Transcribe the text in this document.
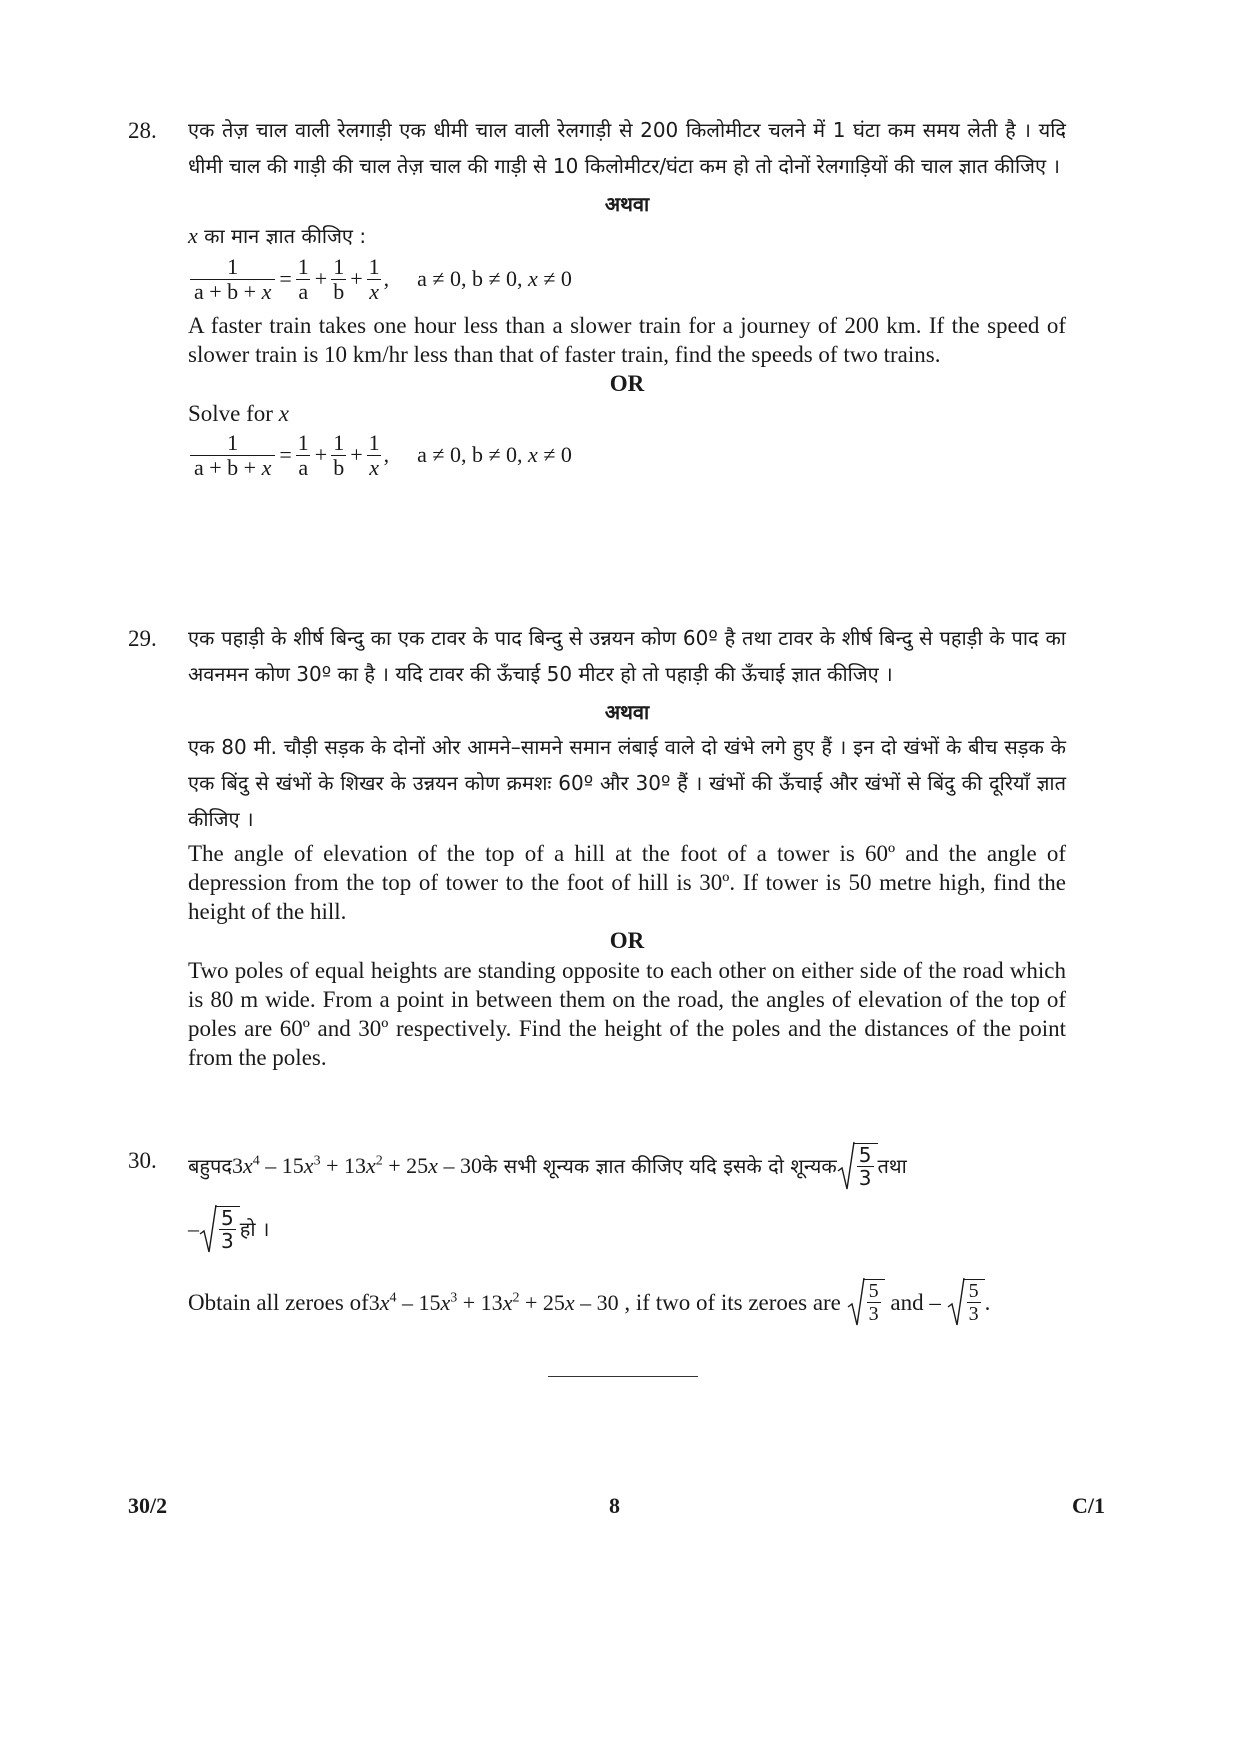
28. एक तेज़ चाल वाली रेलगाड़ी एक धीमी चाल वाली रेलगाड़ी से 200 किलोमीटर चलने में 1 घंटा कम समय लेती है । यदि धीमी चाल की गाड़ी की चाल तेज़ चाल की गाड़ी से 10 किलोमीटर/घंटा कम हो तो दोनों रेलगाड़ियों की चाल ज्ञात कीजिए ।

अथवा

x का मान ज्ञात कीजिए :

$\frac{1}{a + b + x} = \frac{1}{a} + \frac{1}{b} + \frac{1}{x}$ , a ≠ 0, b ≠ 0, x ≠ 0

A faster train takes one hour less than a slower train for a journey of 200 km. If the speed of slower train is 10 km/hr less than that of faster train, find the speeds of two trains.

OR

Solve for x

$\frac{1}{a + b + x} = \frac{1}{a} + \frac{1}{b} + \frac{1}{x}$ , a ≠ 0, b ≠ 0, x ≠ 0
29. एक पहाड़ी के शीर्ष बिन्दु का एक टावर के पाद बिन्दु से उन्नयन कोण 60º है तथा टावर के शीर्ष बिन्दु से पहाड़ी के पाद का अवनमन कोण 30º का है । यदि टावर की ऊँचाई 50 मीटर हो तो पहाड़ी की ऊँचाई ज्ञात कीजिए ।

अथवा

एक 80 मी. चौड़ी सड़क के दोनों ओर आमने–सामने समान लंबाई वाले दो खंभे लगे हुए हैं । इन दो खंभों के बीच सड़क के एक बिंदु से खंभों के शिखर के उन्नयन कोण क्रमशः 60º और 30º हैं । खंभों की ऊँचाई और खंभों से बिंदु की दूरियाँ ज्ञात कीजिए ।

The angle of elevation of the top of a hill at the foot of a tower is 60º and the angle of depression from the top of tower to the foot of hill is 30º. If tower is 50 metre high, find the height of the hill.

OR

Two poles of equal heights are standing opposite to each other on either side of the road which is 80 m wide. From a point in between them on the road, the angles of elevation of the top of poles are 60º and 30º respectively. Find the height of the poles and the distances of the point from the poles.

30. बहुपद $3x^4 - 15x^3 + 13x^2 + 25x - 30$ के सभी शून्यक ज्ञात कीजिए यदि इसके दो शून्यक $\frac{5}{3}$ तथा
– $\frac{5}{3}$ हो ।
Obtain all zeroes of $3x^4 - 15x^3 + 13x^2 + 25x - 30$ , if two of its zeroes are $\frac{5}{3}$ and – $\frac{5}{3}$ .
30/2	8	C/1
